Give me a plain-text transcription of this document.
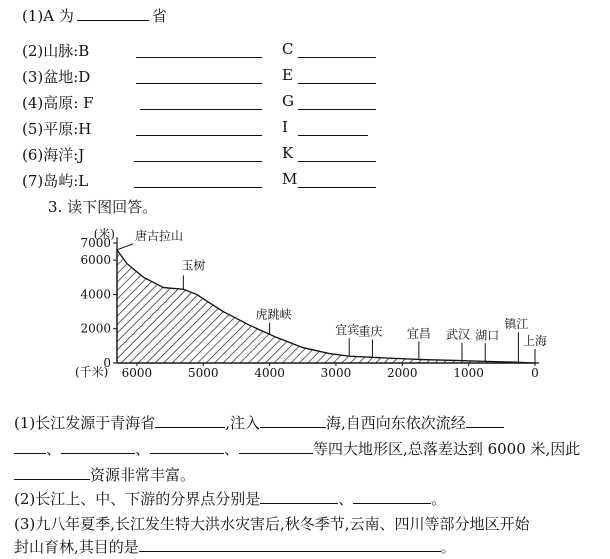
(1)A 为	省
(2)山脉:B	C
(3)盆地:D	E
(4)高原: F	G
(5)平原:H	I
(6)海洋:J	K
(7)岛屿:L	M
3. 读下图回答。
(米)
0
2000
4000
6000
7000
(千米) 6000	5000	4000	3000	2000	1000	0
唐古拉山
玉树
虎跳峡
宜宾 重庆 宜昌 武汉 湖口
镇江
上海
(1)长江发源于青海省	,注入	海,自西向东依次流经
、	、	、	等四大地形区,总落差达到 6000 米,因此
资源非常丰富。
(2)长江上、中、下游的分界点分别是	、	。
(3)九八年夏季,长江发生特大洪水灾害后,秋冬季节,云南、四川等部分地区开始
封山育林,其目的是	。
